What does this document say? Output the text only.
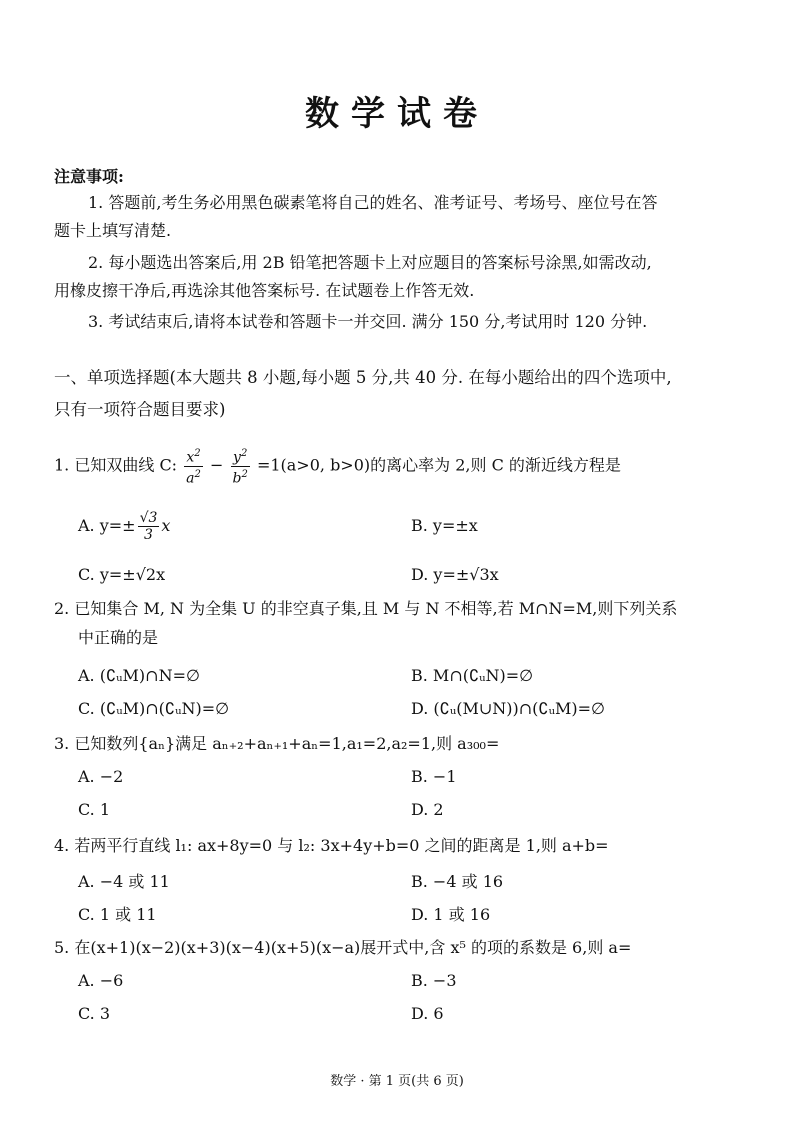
数学试卷
注意事项:
1. 答题前,考生务必用黑色碳素笔将自己的姓名、准考证号、考场号、座位号在答
题卡上填写清楚.
2. 每小题选出答案后,用 2B 铅笔把答题卡上对应题目的答案标号涂黑,如需改动,
用橡皮擦干净后,再选涂其他答案标号. 在试题卷上作答无效.
3. 考试结束后,请将本试卷和答题卡一并交回. 满分 150 分,考试用时 120 分钟.
一、单项选择题(本大题共 8 小题,每小题 5 分,共 40 分. 在每小题给出的四个选项中,
只有一项符合题目要求)
1. 已知双曲线 C: $\frac{x^2}{a^2} - \frac{y^2}{b^2} =1(a>0$, b>0)的离心率为 2,则 C 的渐近线方程是
A. $y=\pm \frac{√3}{3}$ x	B. y=±x
C. y=±√2x	D. y=±√3x
2. 已知集合 M, N 为全集 U 的非空真子集,且 M 与 N 不相等,若 M∩N=M,则下列关系
中正确的是
A. (∁ᵤM)∩N=∅	B. M∩(∁ᵤN)=∅
C. (∁ᵤM)∩(∁ᵤN)=∅	D. (∁ᵤ(M∪N))∩(∁ᵤM)=∅
3. 已知数列{aₙ}满足 aₙ₊₂+aₙ₊₁+aₙ=1,a₁=2,a₂=1,则 a₃₀₀=
A. −2	B. −1
C. 1	D. 2
4. 若两平行直线 l₁: ax+8y=0 与 l₂: 3x+4y+b=0 之间的距离是 1,则 a+b=
A. −4 或 11	B. −4 或 16
C. 1 或 11	D. 1 或 16
5. 在(x+1)(x−2)(x+3)(x−4)(x+5)(x−a)展开式中,含 x⁵ 的项的系数是 6,则 a=
A. −6	B. −3
C. 3	D. 6
数学 · 第 1 页(共 6 页)
